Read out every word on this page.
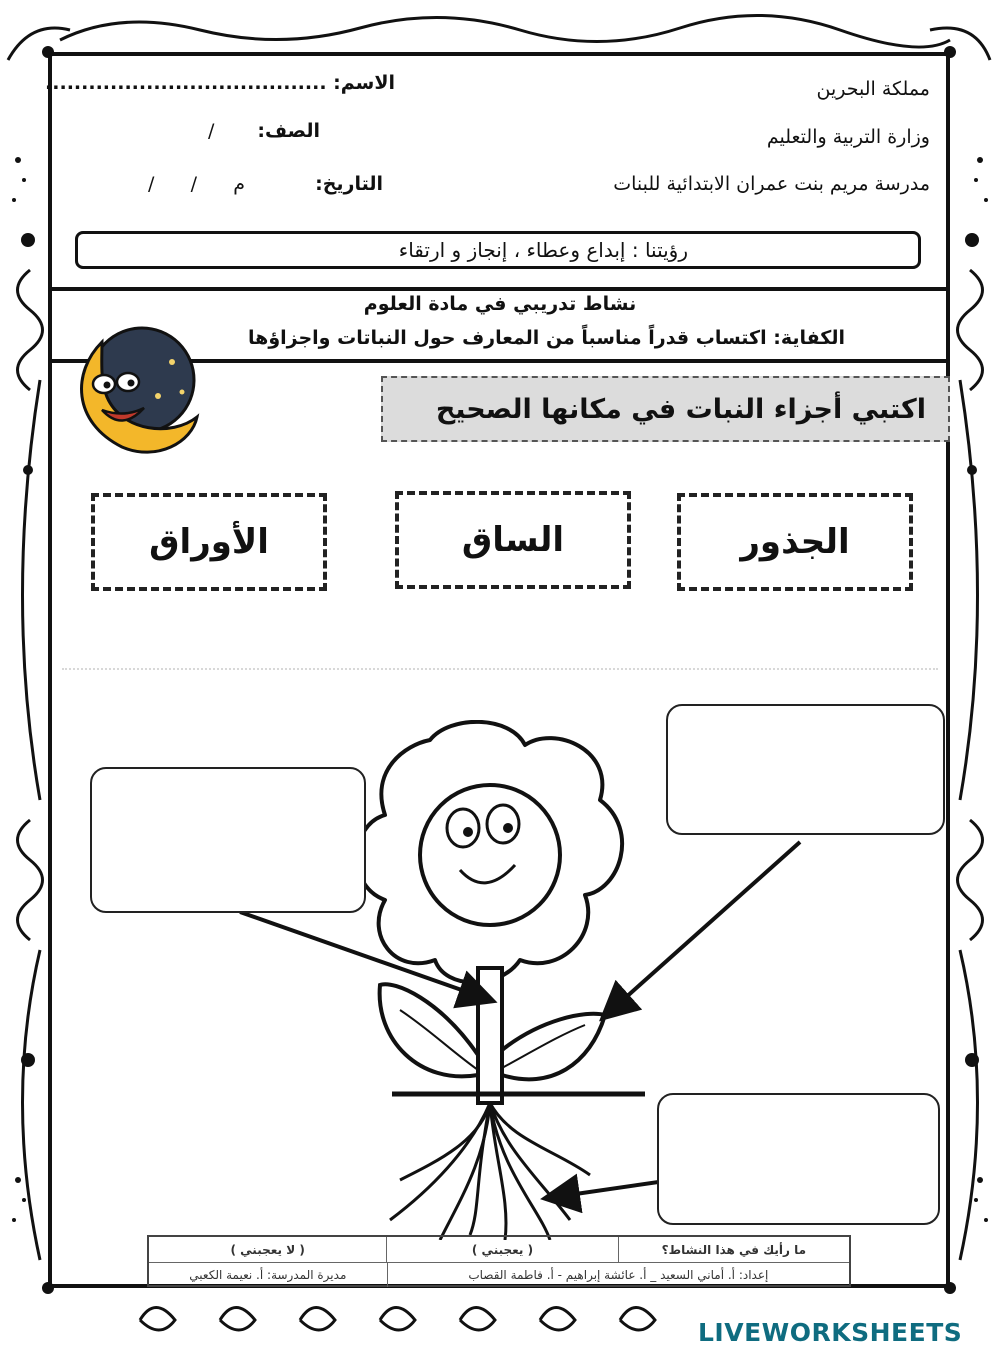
مملكة البحرين
وزارة التربية والتعليم
مدرسة مريم بنت عمران الابتدائية للبنات
الاسم: .......................................
الصف:
/
التاريخ:
/      /      م
رؤيتنا : إبداع وعطاء ، إنجاز و ارتقاء
نشاط تدريبي في مادة العلوم
الكفاية: اكتساب قدراً مناسباً من المعارف حول النباتات واجزاؤها
اكتبي أجزاء النبات في مكانها الصحيح
الجذور
الساق
الأوراق
ما رأيك في هذا النشاط؟
( يعجبني )
( لا يعجبني )
إعداد: أ. أماني السعيد _ أ. عائشة إبراهيم - أ. فاطمة القصاب
مديرة المدرسة: أ. نعيمة الكعبي
LIVEWORKSHEETS
